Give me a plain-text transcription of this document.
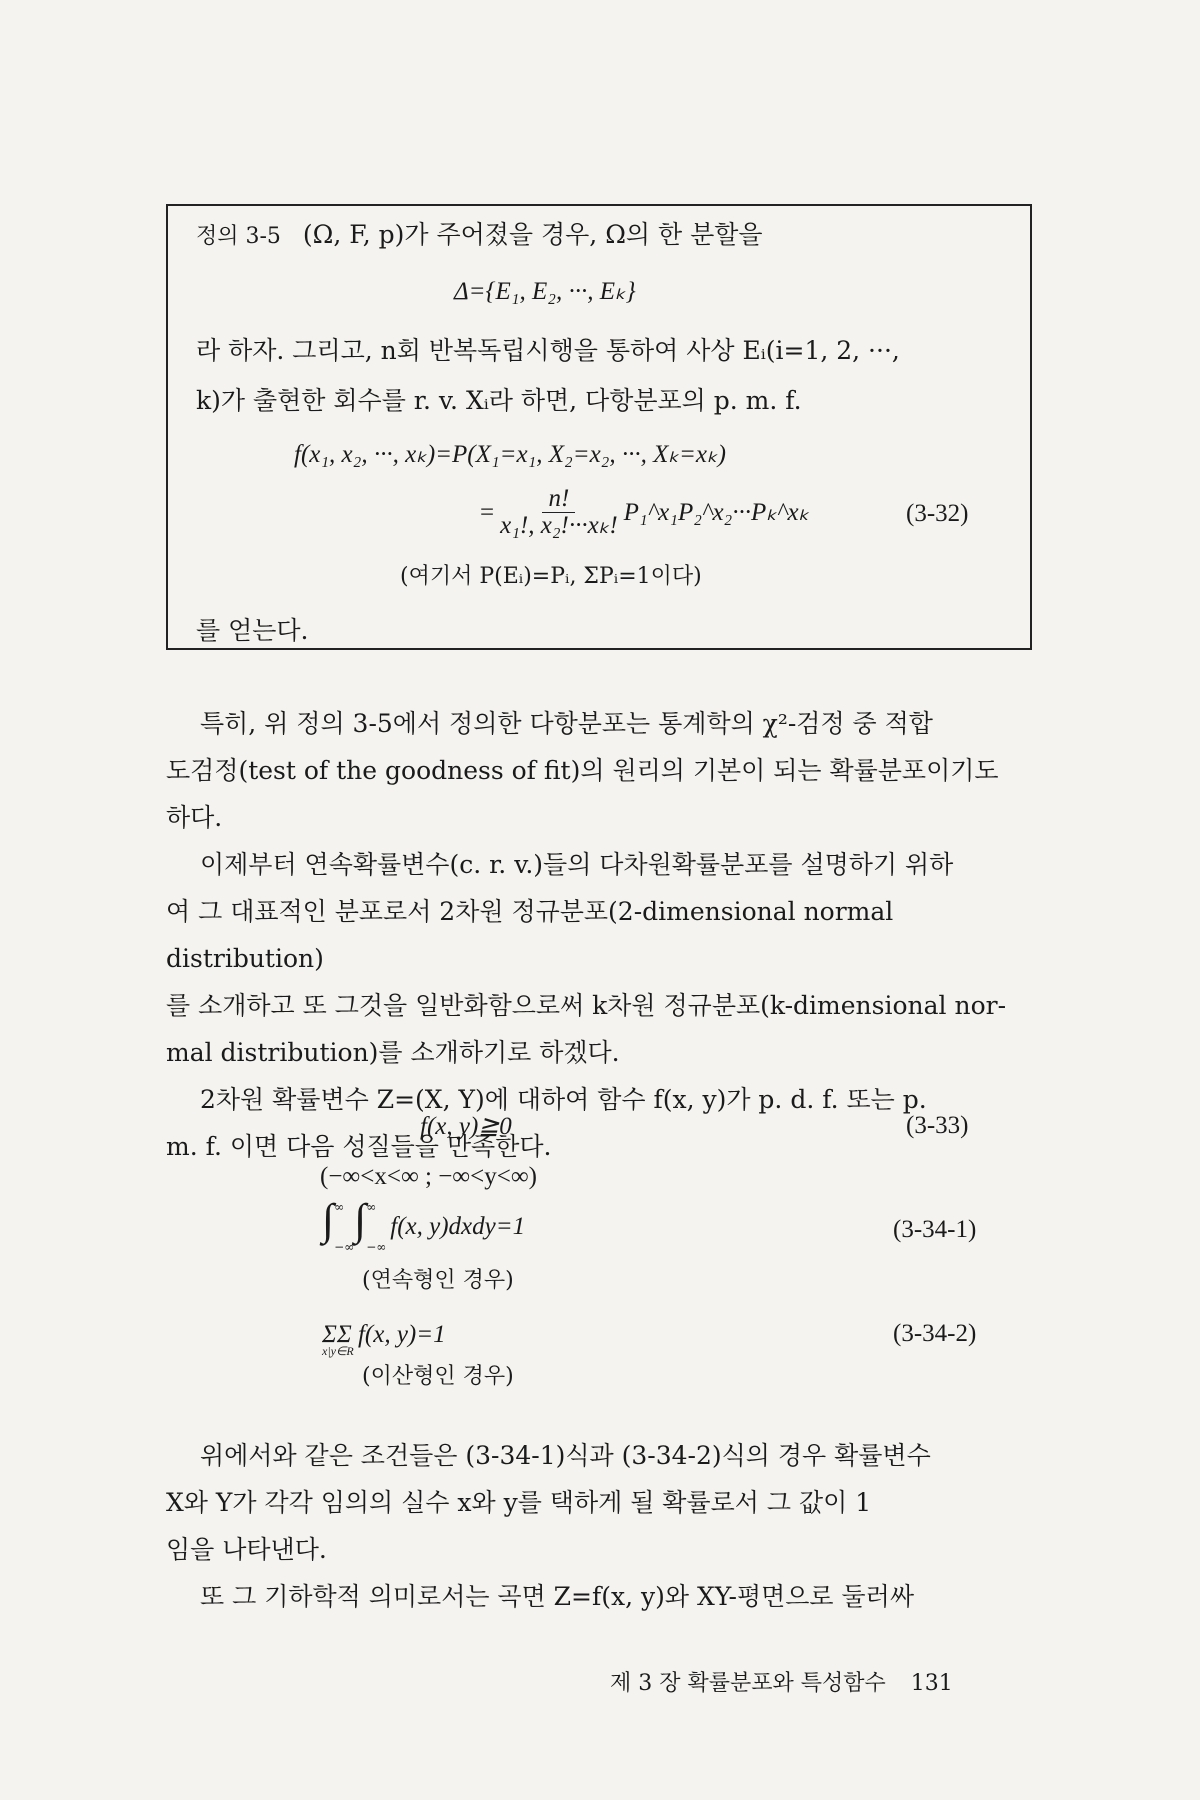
정의 3-5 (Ω, F, p)가 주어졌을 경우, Ω의 한 분할을
Δ={E₁, E₂, ···, Eₖ}
라 하자. 그리고, n회 반복독립시행을 통하여 사상 Eᵢ(i=1, 2, ···,
k)가 출현한 회수를 r. v. Xᵢ라 하면, 다항분포의 p. m. f.
f(x₁, x₂, ···, xₖ)=P(X₁=x₁, X₂=x₂, ···, Xₖ=xₖ)
= $\frac{n!}{\text{x₁!, x₂!···xₖ!}}$ P₁^x₁P₂^x₂···Pₖ^xₖ	(3-32)
(여기서 P(Eᵢ)=Pᵢ, ΣPᵢ=1이다)
를 얻는다.
특히, 위 정의 3-5에서 정의한 다항분포는 통계학의 χ²-검정 중 적합
도검정(test of the goodness of fit)의 원리의 기본이 되는 확률분포이기도
하다.
이제부터 연속확률변수(c. r. v.)들의 다차원확률분포를 설명하기 위하
여 그 대표적인 분포로서 2차원 정규분포(2-dimensional normal distribution)
를 소개하고 또 그것을 일반화함으로써 k차원 정규분포(k-dimensional nor-
mal distribution)를 소개하기로 하겠다.
2차원 확률변수 Z=(X, Y)에 대하여 함수 f(x, y)가 p. d. f. 또는 p.
m. f. 이면 다음 성질들을 만족한다.
f(x, y)≧0	(3-33)
(−∞<x<∞ ; −∞<y<∞)
∫ ∞
−∞
∫ ∞
−∞
f(x, y)dxdy=1	(3-34-1)
(연속형인 경우)
ΣΣ f(x, y)=1
x|y∈R
(3-34-2)
(이산형인 경우)
위에서와 같은 조건들은 (3-34-1)식과 (3-34-2)식의 경우 확률변수
X와 Y가 각각 임의의 실수 x와 y를 택하게 될 확률로서 그 값이 1
임을 나타낸다.
또 그 기하학적 의미로서는 곡면 Z=f(x, y)와 XY-평면으로 둘러싸
제 3 장 확률분포와 특성함수 131
